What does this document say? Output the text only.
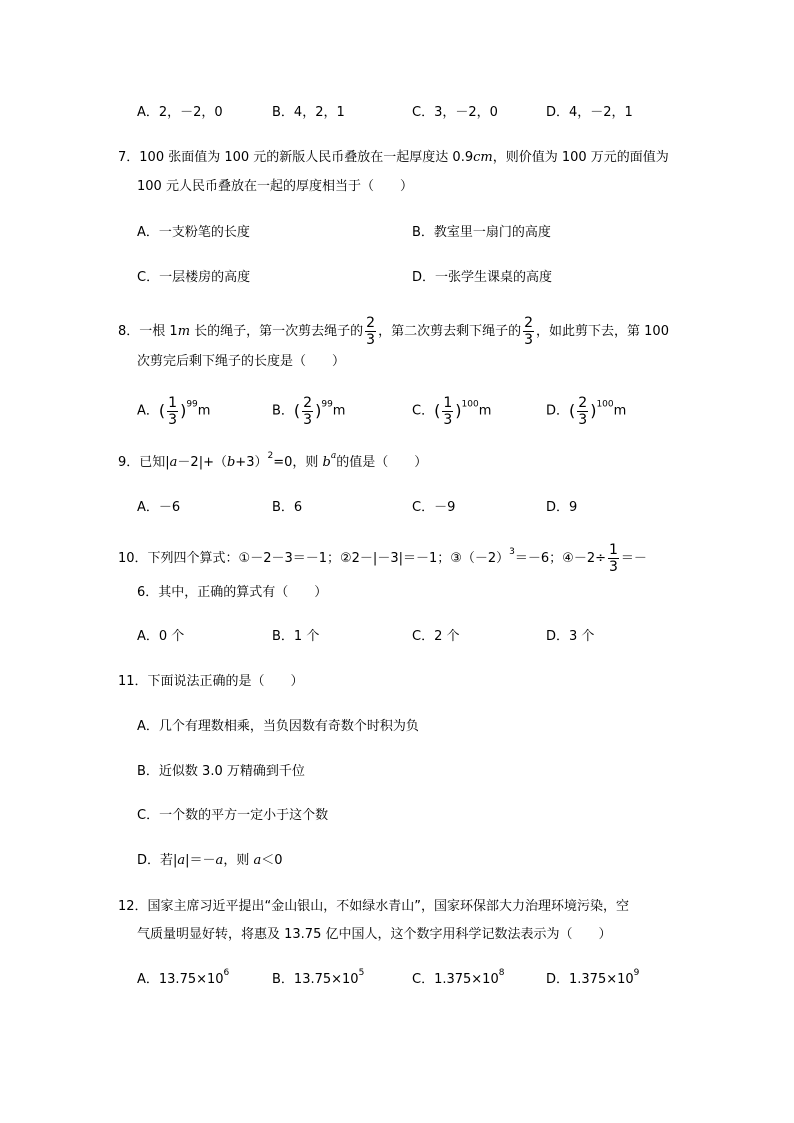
A．2，－2，0	B．4，2，1	C．3，－2，0	D．4，－2，1
7．100 张面值为 100 元的新版人民币叠放在一起厚度达 0.9cm，则价值为 100 万元的面值为
100 元人民币叠放在一起的厚度相当于（　　）
A．一支粉笔的长度	B．教室里一扇门的高度
C．一层楼房的高度	D．一张学生课桌的高度
8．一根 1m 长的绳子，第一次剪去绳子的 $\frac{2}{3}$ ，第二次剪去剩下绳子的 $\frac{2}{3}$ ，如此剪下去，第 100
次剪完后剩下绳子的长度是（　　）
A．( $\frac{1}{3} )^{99}m$	B．( $\frac{2}{3} )^{99}m$	C．( $\frac{1}{3} )^{100}m$	D．( $\frac{2}{3} )^{100}m$
9．已知$|a-2|+(b+3)^2=0$，则 $b^a$的值是（　　）
A．－6	B．6	C．－9	D．9
10．下列四个算式：①－2－3＝－1；②2－|－3|＝－1；$③(-2)^3=-6$；④－2÷ $\frac{1}{3}$ ＝－
6．其中，正确的算式有（　　）
A．0 个	B．1 个	C．2 个	D．3 个
11．下面说法正确的是（　　）
A．几个有理数相乘，当负因数有奇数个时积为负
B．近似数 3.0 万精确到千位
C．一个数的平方一定小于这个数
D．若|a|＝－a，则 a＜0
12．国家主席习近平提出“金山银山，不如绿水青山”，国家环保部大力治理环境污染，空
气质量明显好转，将惠及 13.75 亿中国人，这个数字用科学记数法表示为（　　）
A．$13.75\times 10^6$	B．$13.75\times 10^5$	C．$1.375\times 10^8$	D．$1.375\times 10^9$
